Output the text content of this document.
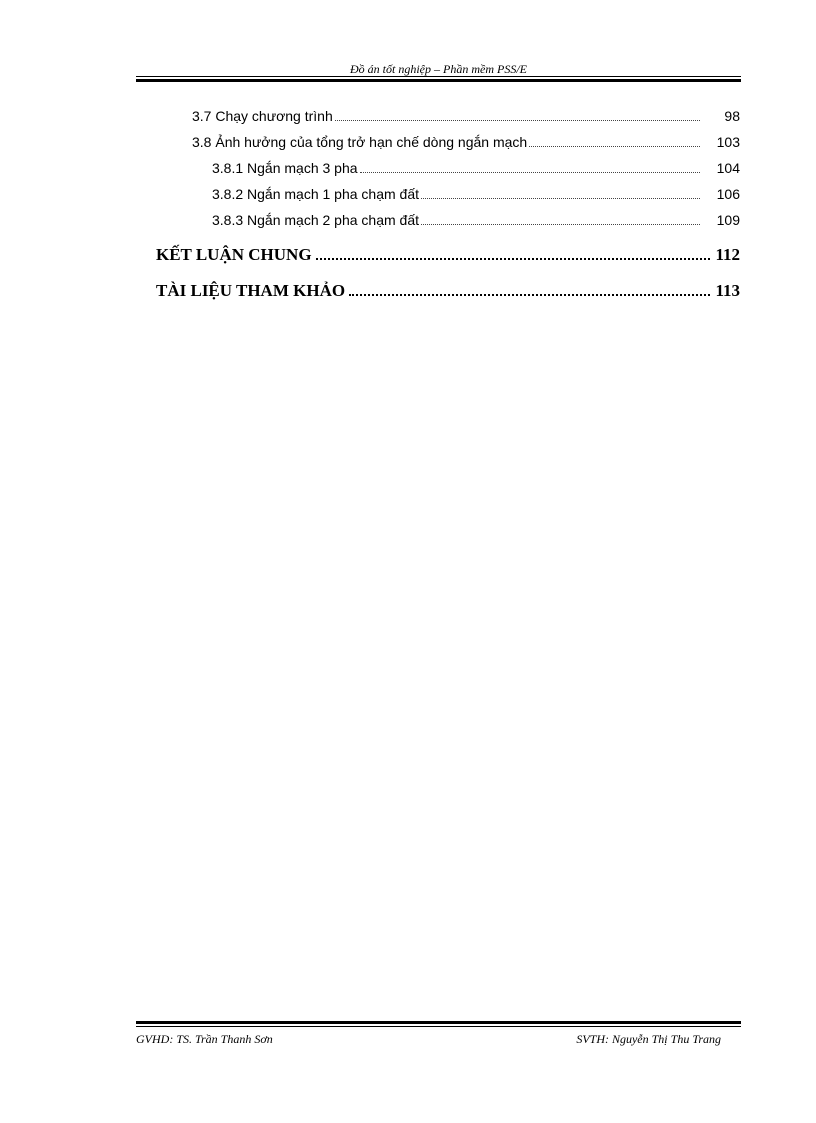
Đồ án tốt nghiệp – Phần mềm PSS/E
3.7 Chạy chương trình	98
3.8 Ảnh hưởng của tổng trở hạn chế dòng ngắn mạch	103
3.8.1 Ngắn mạch 3 pha	104
3.8.2 Ngắn mạch 1 pha chạm đất	106
3.8.3 Ngắn mạch 2 pha chạm đất	109
KẾT LUẬN CHUNG	112
TÀI LIỆU THAM KHẢO	113
GVHD: TS. Trần Thanh Sơn	SVTH: Nguyễn Thị Thu Trang
